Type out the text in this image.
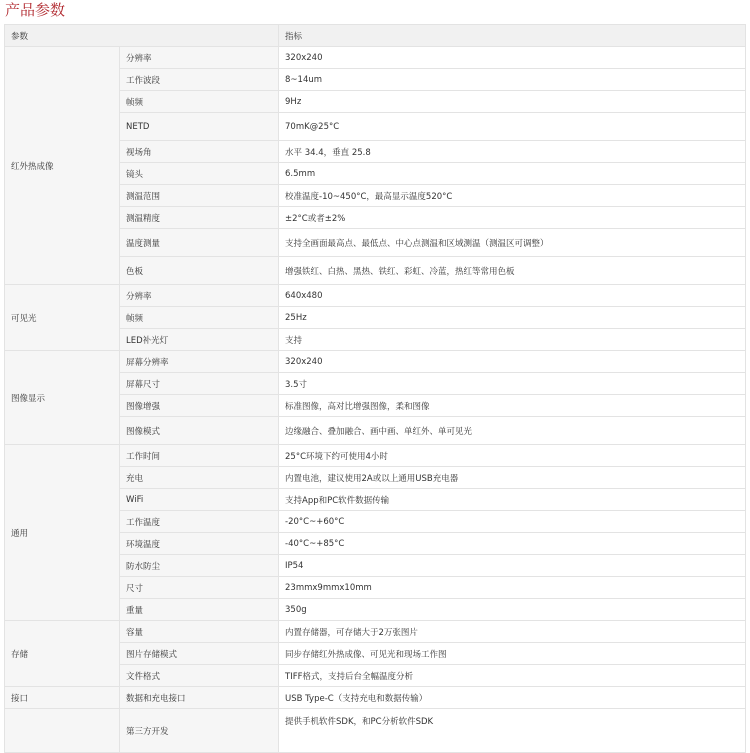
产品参数
参数		指标
红外热成像	分辨率	320x240
	工作波段	8~14um
	帧频	9Hz
	NETD	70mK@25°C
	视场角	水平 34.4，垂直 25.8
	镜头	6.5mm
	测温范围	校准温度-10~450°C，最高显示温度520°C
	测温精度	±2°C或者±2%
	温度测量	支持全画面最高点、最低点、中心点测温和区域测温（测温区可调整）
	色板	增强铁红、白热、黑热、铁红、彩虹、冷蓝，热红等常用色板
可见光	分辨率	640x480
	帧频	25Hz
	LED补光灯	支持
图像显示	屏幕分辨率	320x240
	屏幕尺寸	3.5寸
	图像增强	标准图像，高对比增强图像，柔和图像
	图像模式	边缘融合、叠加融合、画中画、单红外、单可见光
通用	工作时间	25°C环境下约可使用4小时
	充电	内置电池，建议使用2A或以上通用USB充电器
	WiFi	支持App和PC软件数据传输
	工作温度	-20°C~+60°C
	环境温度	-40°C~+85°C
	防水防尘	IP54
	尺寸	23mmx9mmx10mm
	重量	350g
存储	容量	内置存储器，可存储大于2万张图片
	图片存储模式	同步存储红外热成像、可见光和现场工作图
	文件格式	TIFF格式，支持后台全幅温度分析
接口	数据和充电接口	USB Type-C（支持充电和数据传输）
	第三方开发	提供手机软件SDK，和PC分析软件SDK
